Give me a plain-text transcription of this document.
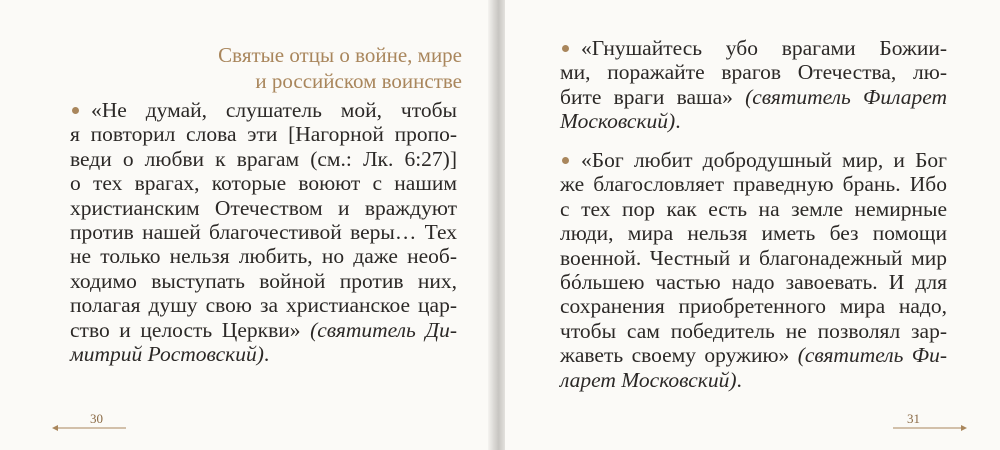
Святые отцы о войне, мире
и российском воинстве
«Не думай, слушатель мой, чтобы
я повторил слова эти [Нагорной пропо-
веди о любви к врагам (см.: Лк. 6:27)]
о тех врагах, которые воюют с нашим
христианским Отечеством и враждуют
против нашей благочестивой веры… Тех
не только нельзя любить, но даже необ-
ходимо выступать войной против них,
полагая душу свою за христианское цар-
ство и целость Церкви» (святитель Ди-
митрий Ростовский).
30
«Гнушайтесь убо врагами Божии-
ми, поражайте врагов Отечества, лю-
бите враги ваша» (святитель Филарет
Московский).
«Бог любит добродушный мир, и Бог
же благословляет праведную брань. Ибо
с тех пор как есть на земле немирные
люди, мира нельзя иметь без помощи
военной. Честный и благонадежный мир
бóльшею частью надо завоевать. И для
сохранения приобретенного мира надо,
чтобы сам победитель не позволял зар-
жаветь своему оружию» (святитель Фи-
ларет Московский).
31
